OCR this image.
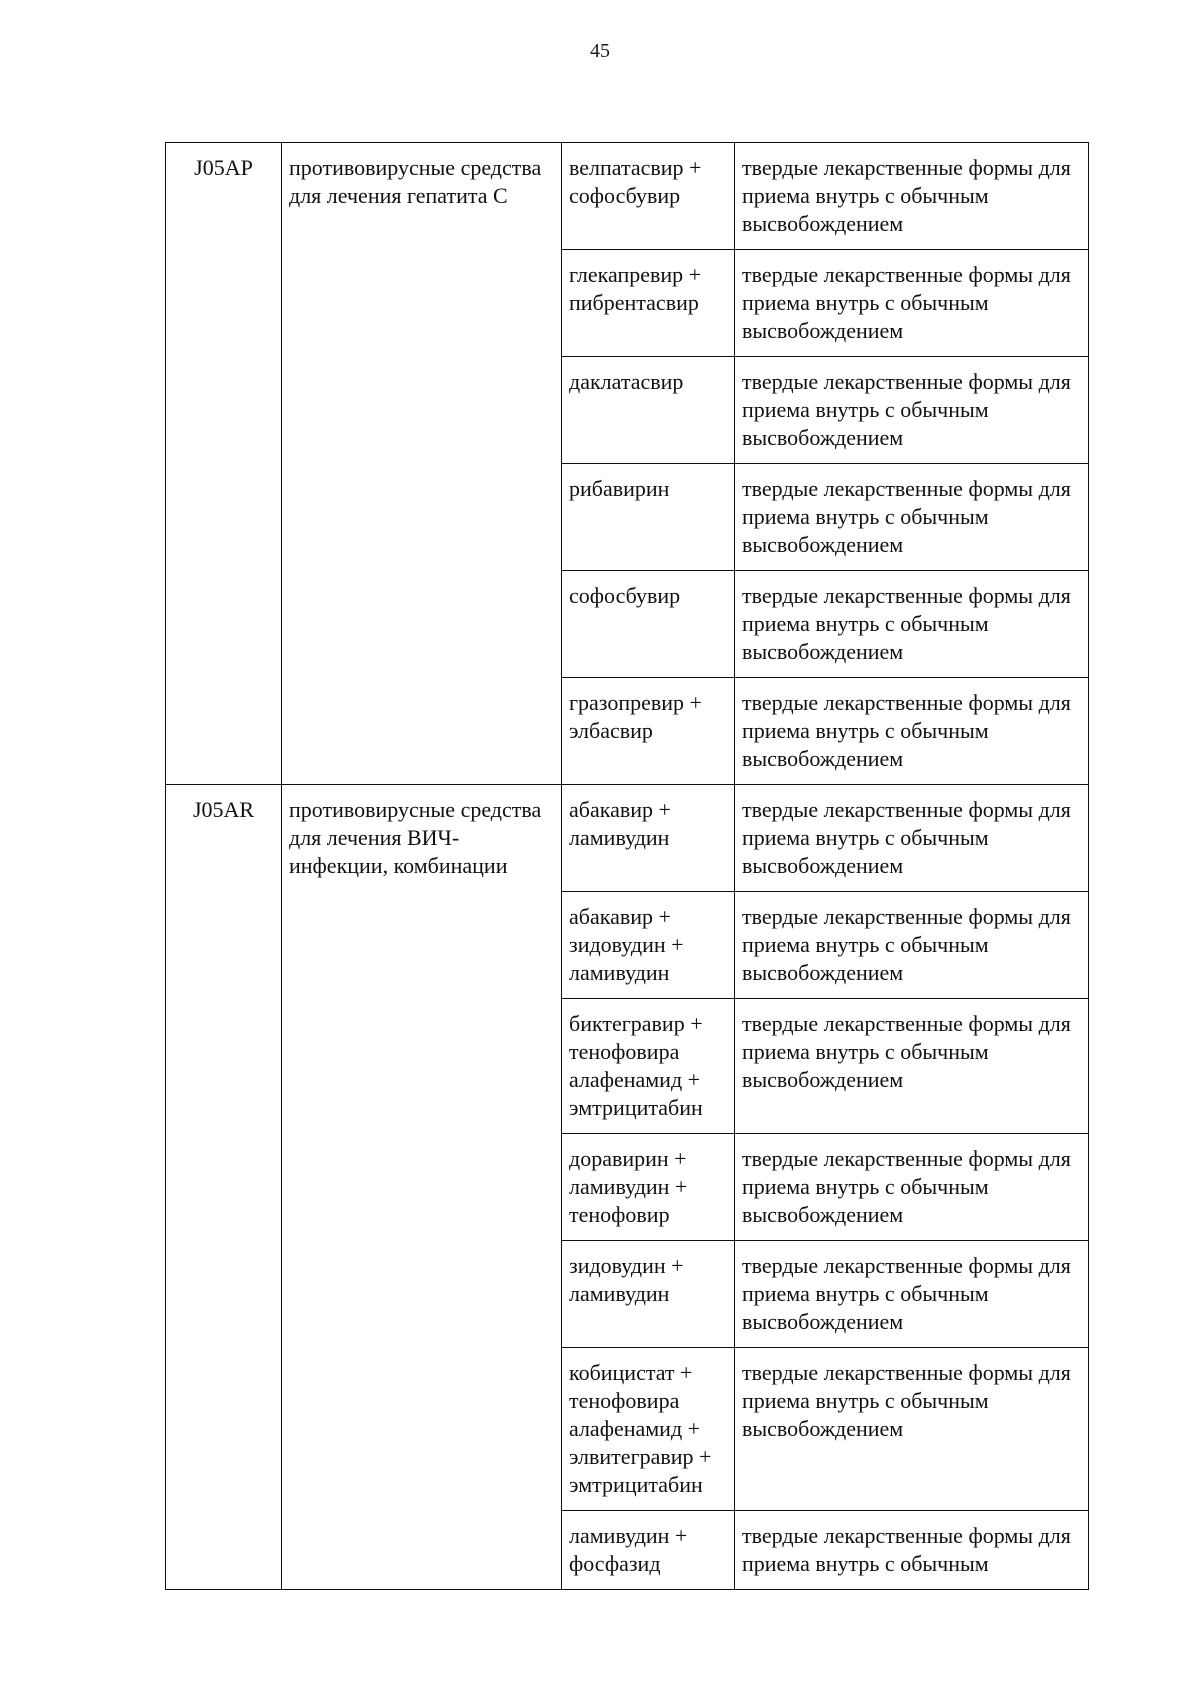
45
J05AP	противовирусные средства для лечения гепатита С	велпатасвир + софосбувир	твердые лекарственные формы для приема внутрь с обычным высвобождением
		глекапревир + пибрентасвир	твердые лекарственные формы для приема внутрь с обычным высвобождением
		даклатасвир	твердые лекарственные формы для приема внутрь с обычным высвобождением
		рибавирин	твердые лекарственные формы для приема внутрь с обычным высвобождением
		софосбувир	твердые лекарственные формы для приема внутрь с обычным высвобождением
		гразопревир + элбасвир	твердые лекарственные формы для приема внутрь с обычным высвобождением
J05AR	противовирусные средства для лечения ВИЧ-инфекции, комбинации	абакавир + ламивудин	твердые лекарственные формы для приема внутрь с обычным высвобождением
		абакавир + зидовудин + ламивудин	твердые лекарственные формы для приема внутрь с обычным высвобождением
		биктегравир + тенофовира алафенамид + эмтрицитабин	твердые лекарственные формы для приема внутрь с обычным высвобождением
		доравирин + ламивудин + тенофовир	твердые лекарственные формы для приема внутрь с обычным высвобождением
		зидовудин + ламивудин	твердые лекарственные формы для приема внутрь с обычным высвобождением
		кобицистат + тенофовира алафенамид + элвитегравир + эмтрицитабин	твердые лекарственные формы для приема внутрь с обычным высвобождением
		ламивудин + фосфазид	твердые лекарственные формы для приема внутрь с обычным
